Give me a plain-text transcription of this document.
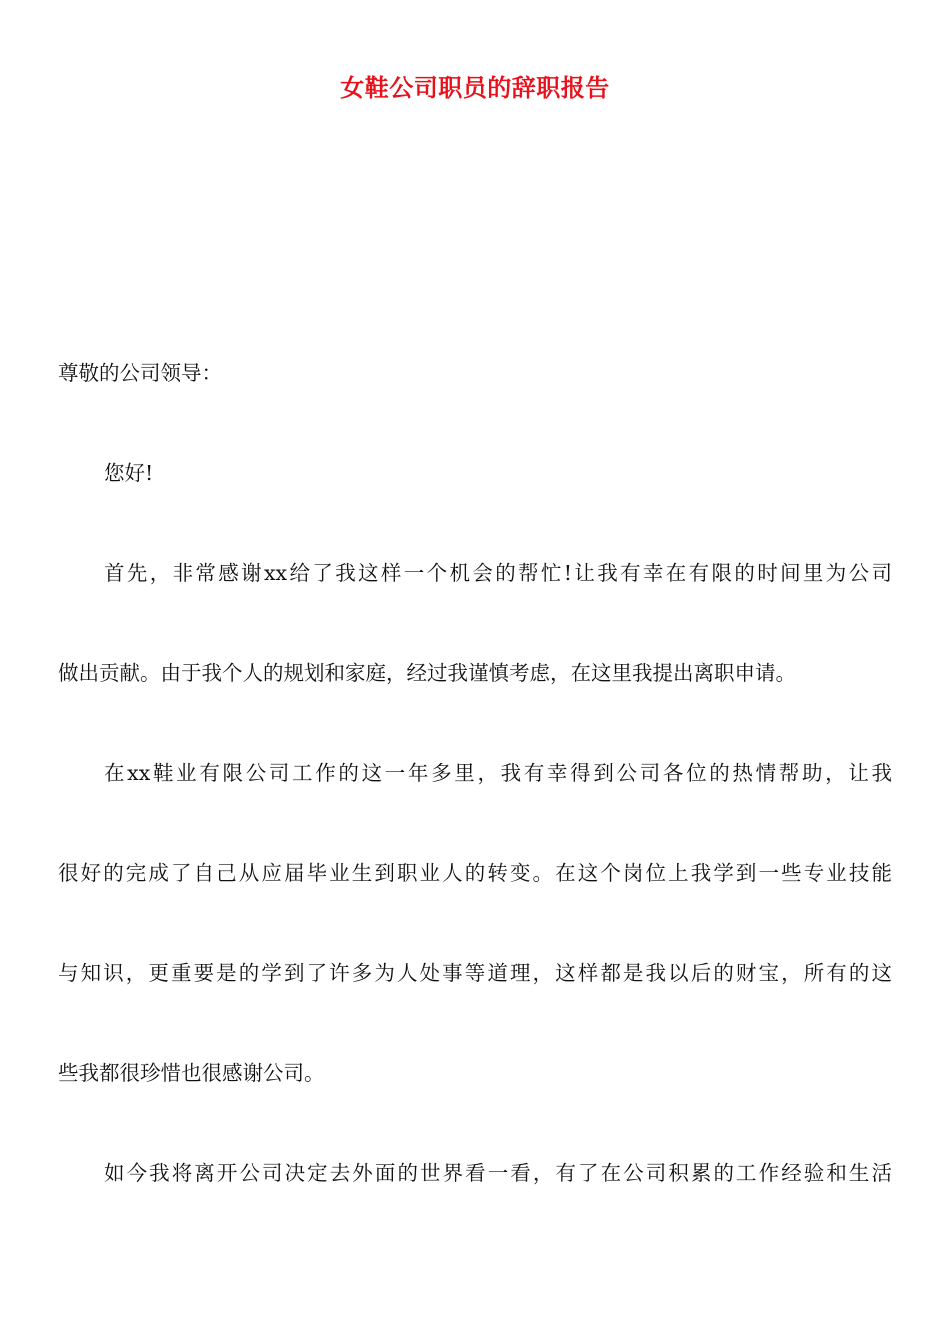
女鞋公司职员的辞职报告
尊敬的公司领导：
您好!
首先，非常感谢xx给了我这样一个机会的帮忙!让我有幸在有限的时间里为公司
做出贡献。由于我个人的规划和家庭，经过我谨慎考虑，在这里我提出离职申请。
在xx鞋业有限公司工作的这一年多里，我有幸得到公司各位的热情帮助，让我
很好的完成了自己从应届毕业生到职业人的转变。在这个岗位上我学到一些专业技能
与知识，更重要是的学到了许多为人处事等道理，这样都是我以后的财宝，所有的这
些我都很珍惜也很感谢公司。
如今我将离开公司决定去外面的世界看一看，有了在公司积累的工作经验和生活
